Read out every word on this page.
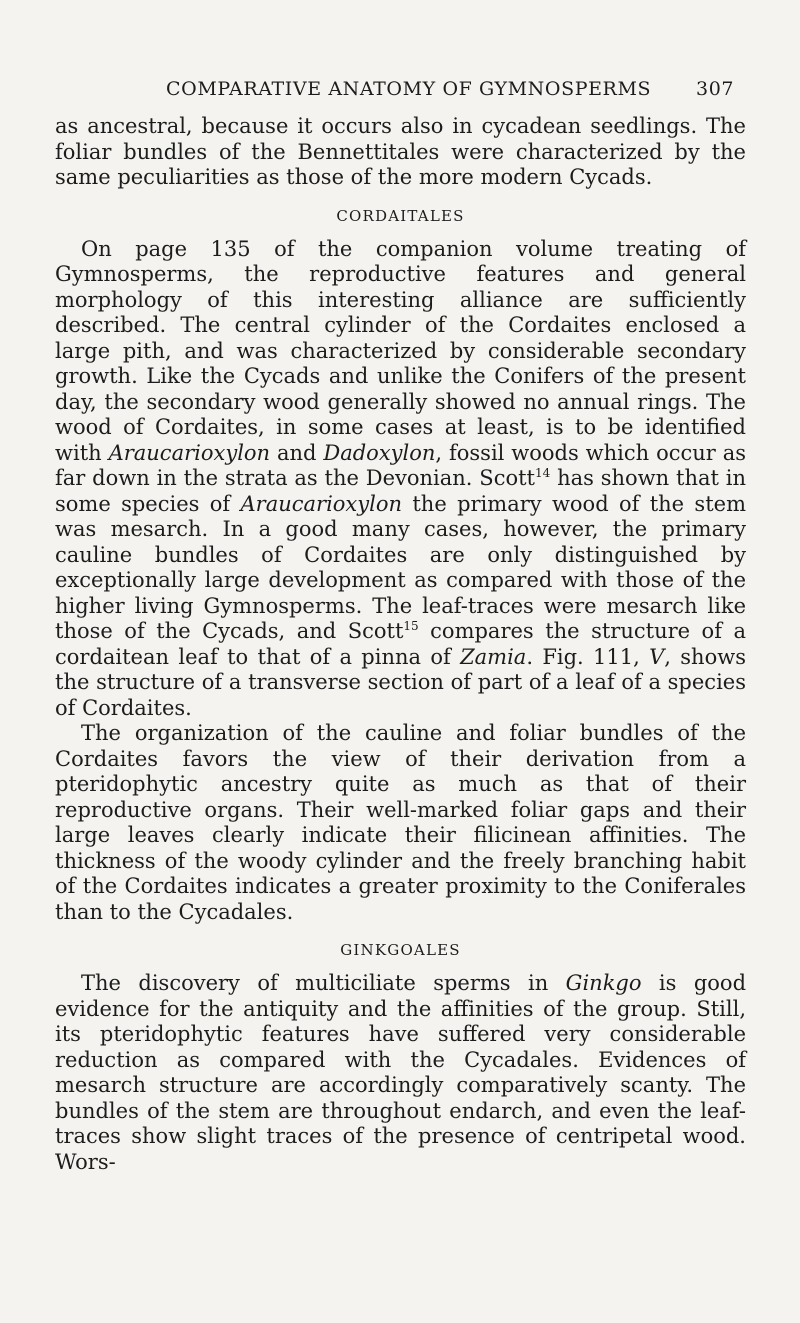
COMPARATIVE ANATOMY OF GYMNOSPERMS 307

as ancestral, because it occurs also in cycadean seedlings. The foliar bundles of the Bennettitales were characterized by the same peculiarities as those of the more modern Cycads.

CORDAITALES

On page 135 of the companion volume treating of Gymnosperms, the reproductive features and general morphology of this interesting alliance are sufficiently described. The central cylinder of the Cordaites enclosed a large pith, and was characterized by considerable secondary growth. Like the Cycads and unlike the Conifers of the present day, the secondary wood generally showed no annual rings. The wood of Cordaites, in some cases at least, is to be identified with Araucarioxylon and Dadoxylon, fossil woods which occur as far down in the strata as the Devonian. Scott$^{14}$ has shown that in some species of Araucarioxylon the primary wood of the stem was mesarch. In a good many cases, however, the primary cauline bundles of Cordaites are only distinguished by exceptionally large development as compared with those of the higher living Gymnosperms. The leaf-traces were mesarch like those of the Cycads, and Scott$^{15}$ compares the structure of a cordaitean leaf to that of a pinna of Zamia. Fig. 111, V, shows the structure of a transverse section of part of a leaf of a species of Cordaites.

The organization of the cauline and foliar bundles of the Cordaites favors the view of their derivation from a pteridophytic ancestry quite as much as that of their reproductive organs. Their well-marked foliar gaps and their large leaves clearly indicate their filicinean affinities. The thickness of the woody cylinder and the freely branching habit of the Cordaites indicates a greater proximity to the Coniferales than to the Cycadales.

GINKGOALES

The discovery of multiciliate sperms in Ginkgo is good evidence for the antiquity and the affinities of the group. Still, its pteridophytic features have suffered very considerable reduction as compared with the Cycadales. Evidences of mesarch structure are accordingly comparatively scanty. The bundles of the stem are throughout endarch, and even the leaf-traces show slight traces of the presence of centripetal wood. Wors-
